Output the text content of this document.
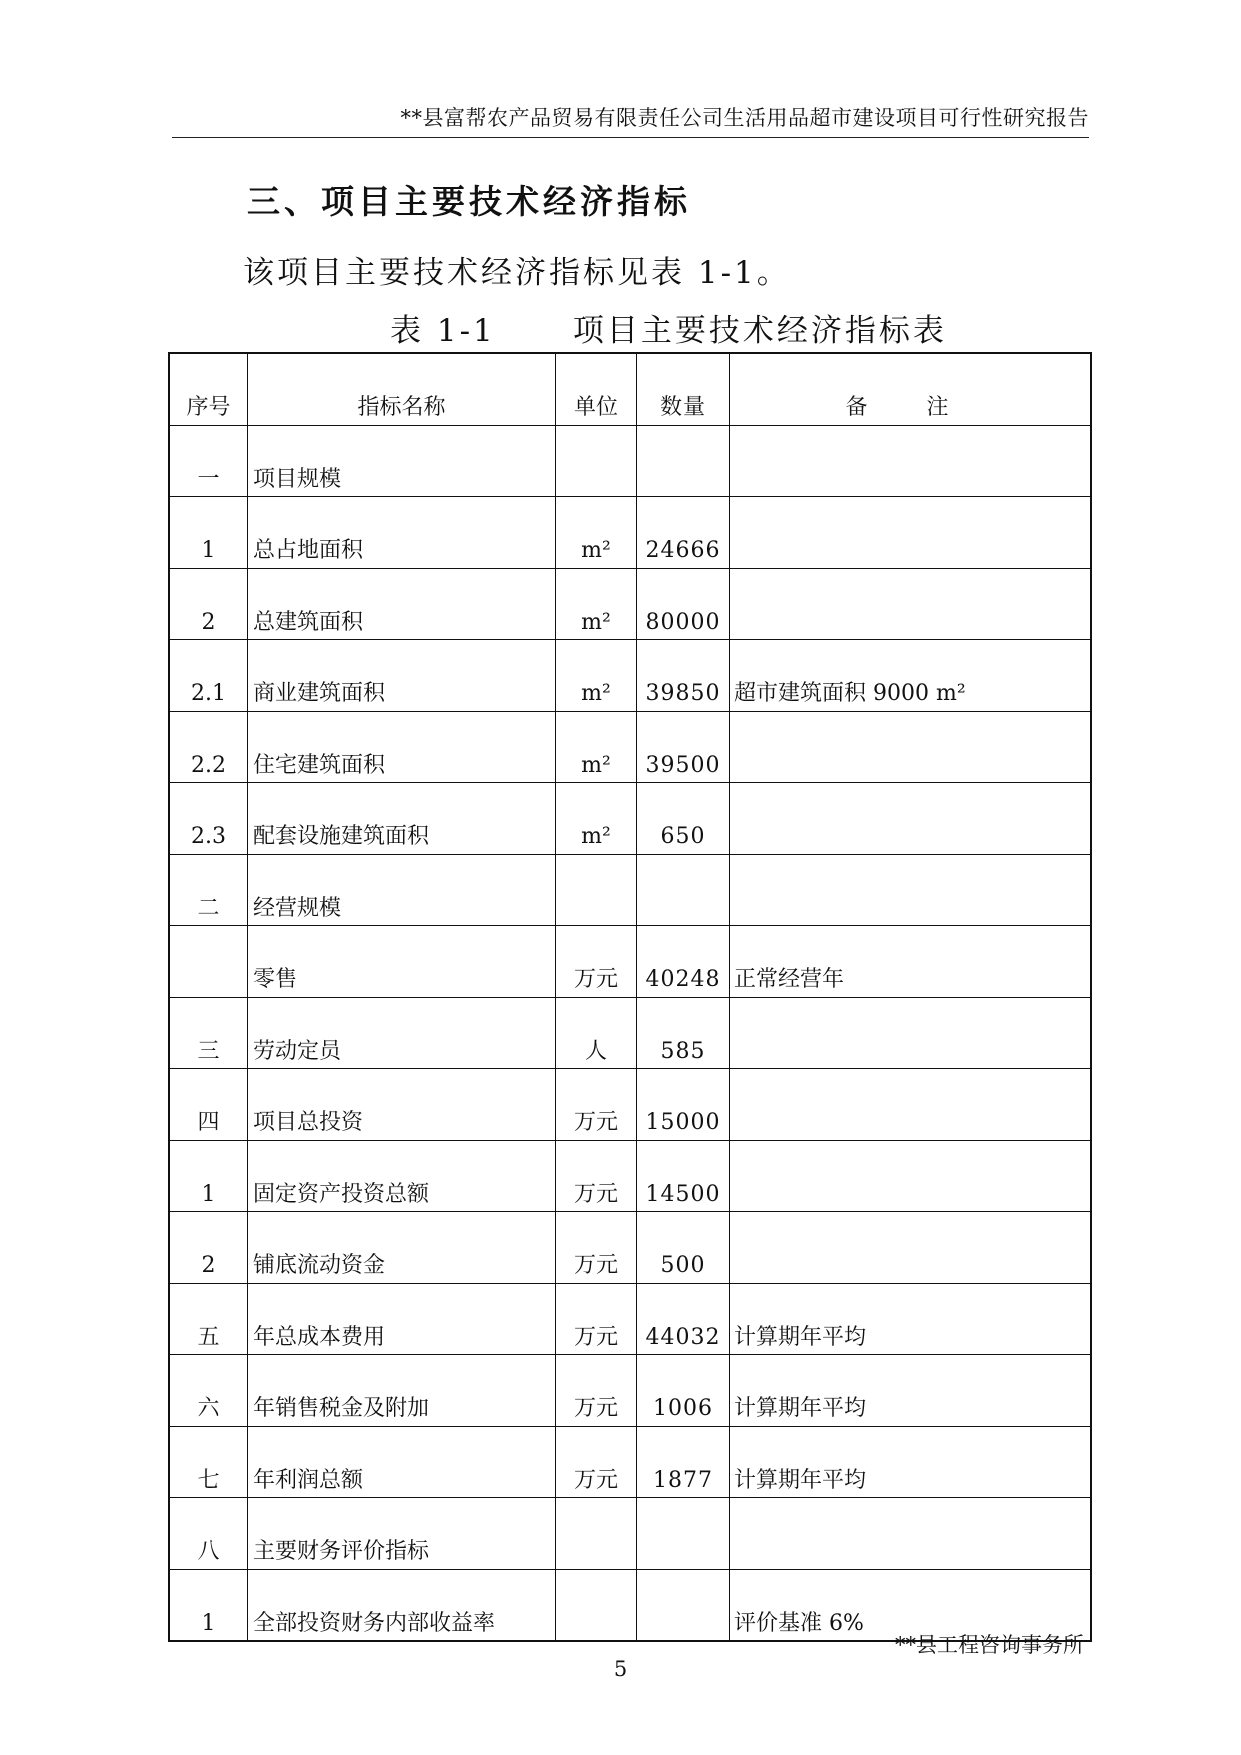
**县富帮农产品贸易有限责任公司生活用品超市建设项目可行性研究报告
三、项目主要技术经济指标
该项目主要技术经济指标见表 1-1。
表 1-1      项目主要技术经济指标表
序号	指标名称	单位	数量	备 注
一	项目规模			
1	总占地面积	m²	24666	
2	总建筑面积	m²	80000	
2.1	商业建筑面积	m²	39850	超市建筑面积 9000 m²
2.2	住宅建筑面积	m²	39500	
2.3	配套设施建筑面积	m²	650	
二	经营规模			
	零售	万元	40248	正常经营年
三	劳动定员	人	585	
四	项目总投资	万元	15000	
1	固定资产投资总额	万元	14500	
2	铺底流动资金	万元	500	
五	年总成本费用	万元	44032	计算期年平均
六	年销售税金及附加	万元	1006	计算期年平均
七	年利润总额	万元	1877	计算期年平均
八	主要财务评价指标			
1	全部投资财务内部收益率			评价基准 6%
**县工程咨询事务所
5
